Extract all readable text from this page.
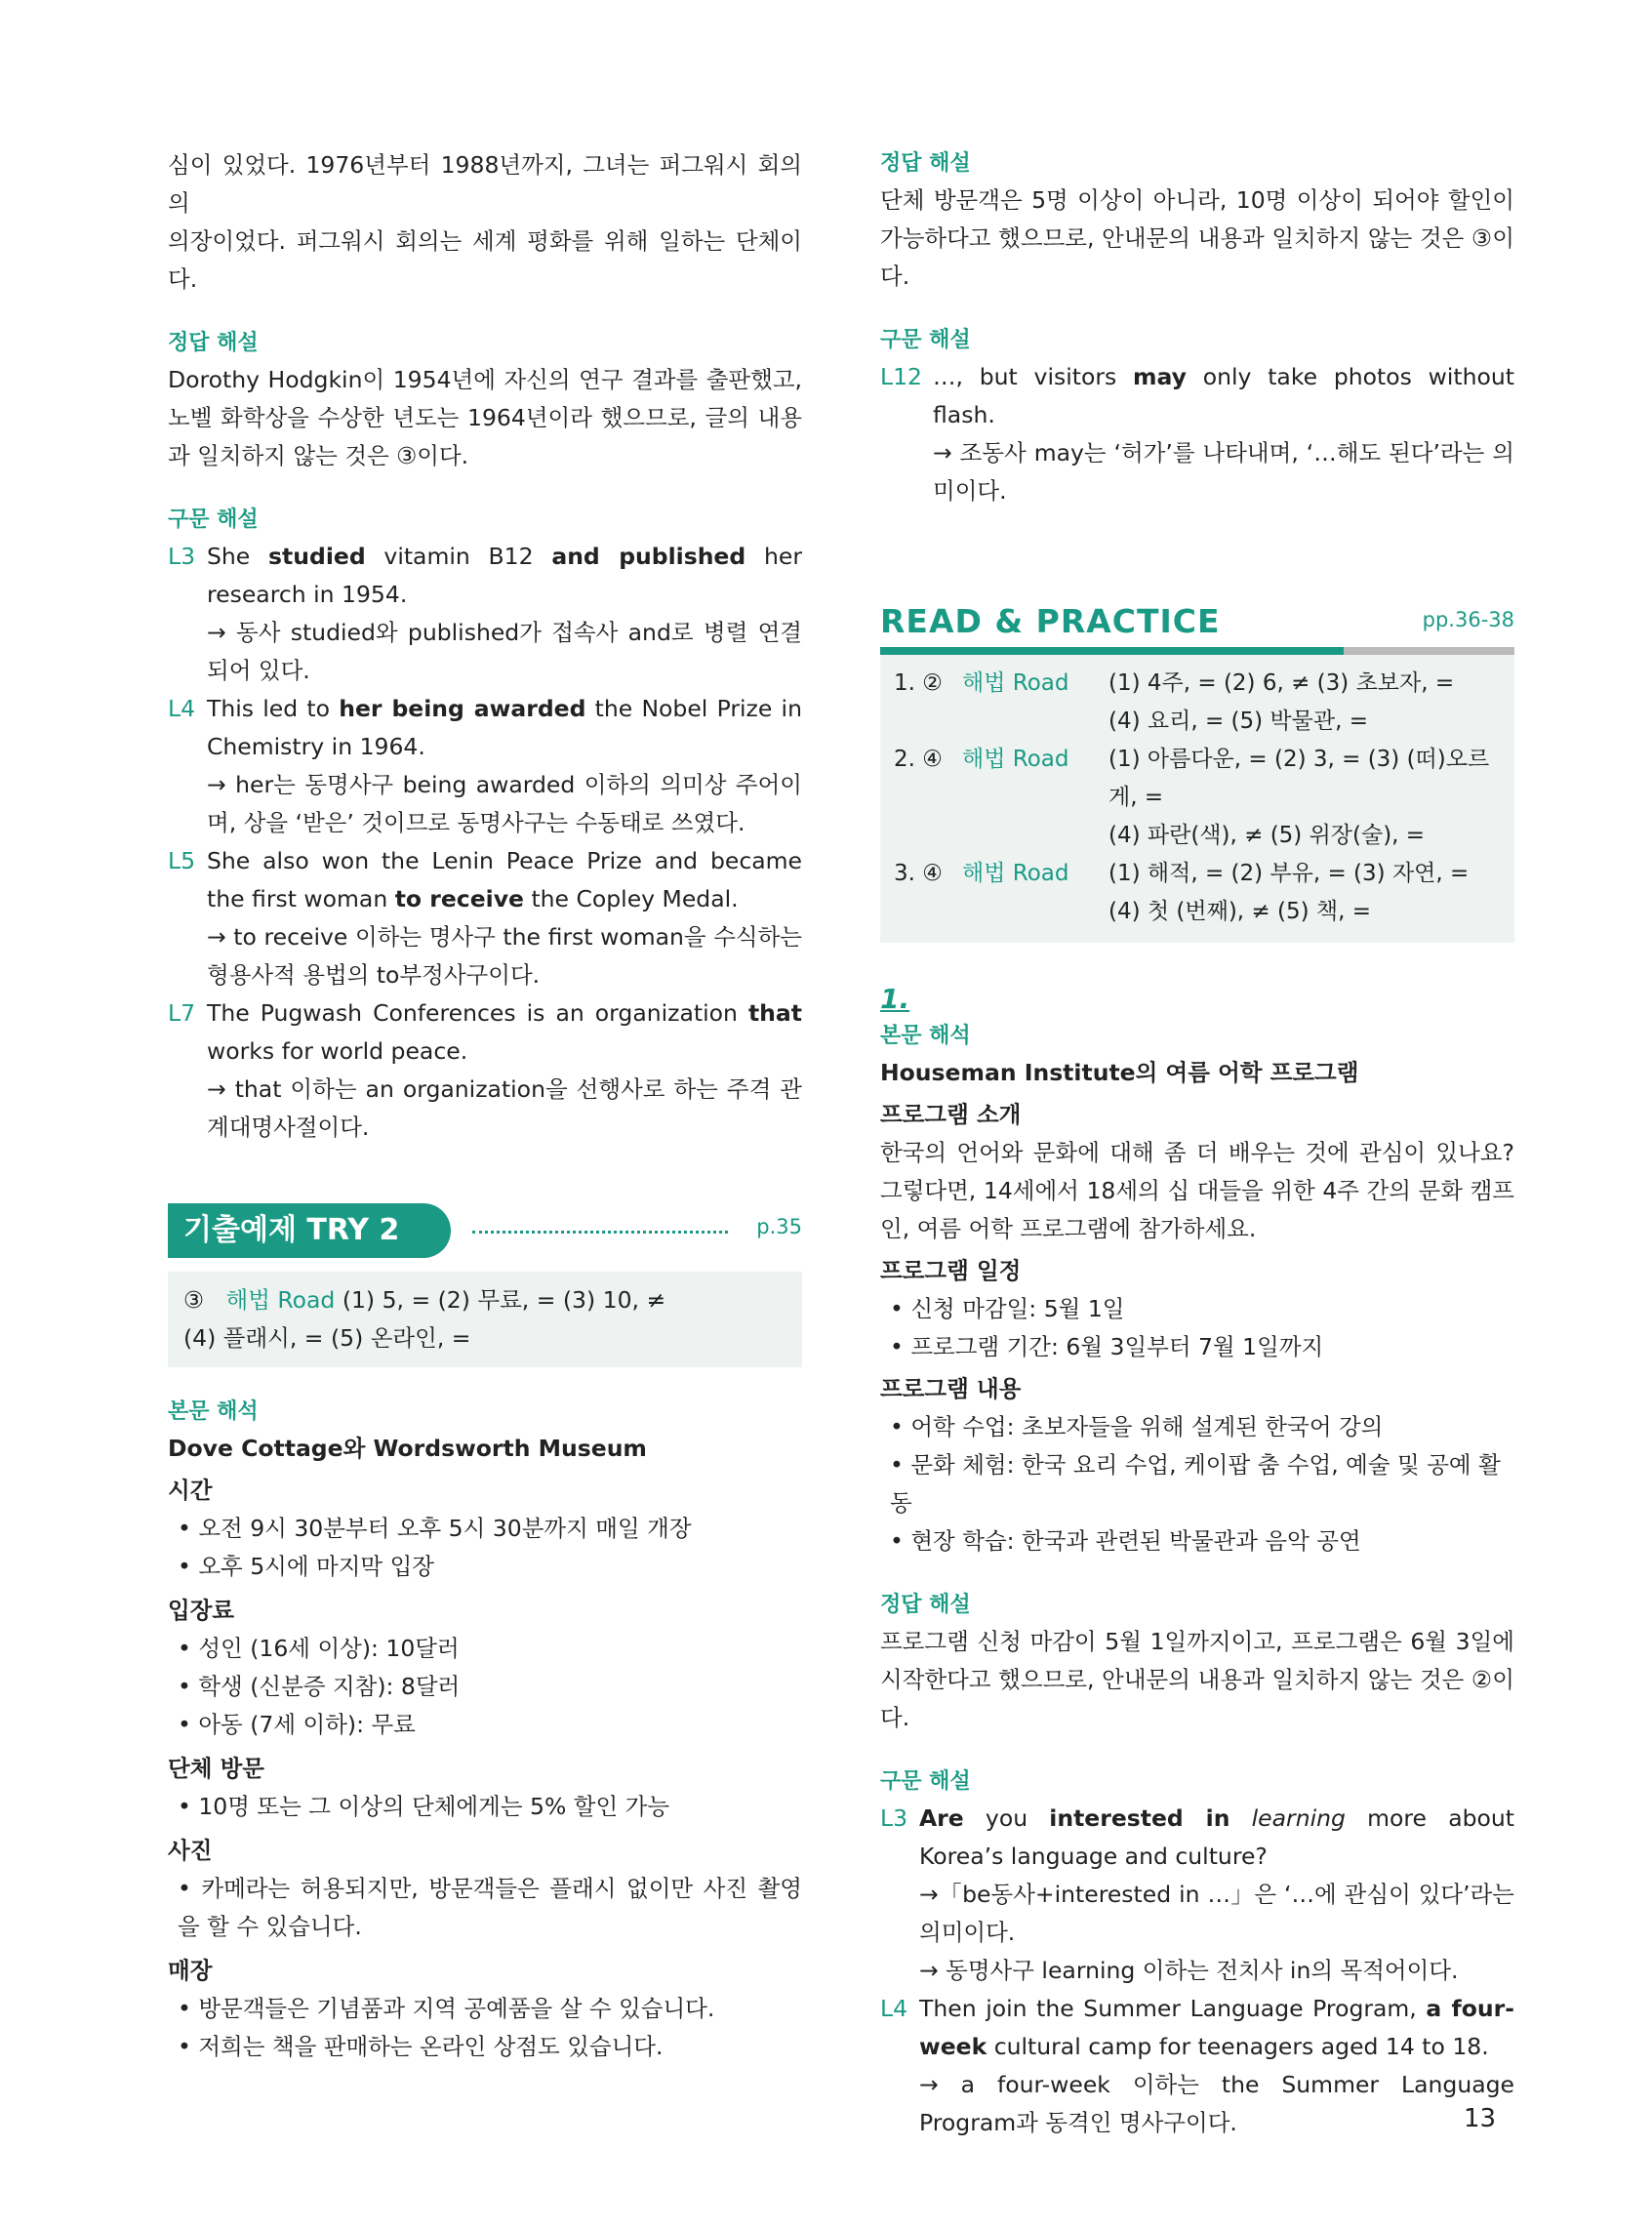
심이 있었다. 1976년부터 1988년까지, 그녀는 퍼그워시 회의의

의장이었다. 퍼그워시 회의는 세계 평화를 위해 일하는 단체이다.

정답 해설

Dorothy Hodgkin이 1954년에 자신의 연구 결과를 출판했고, 노벨 화학상을 수상한 년도는 1964년이라 했으므로, 글의 내용과 일치하지 않는 것은 ③이다.

구문 해설

L3 She studied vitamin B12 and published her research in 1954.

→ 동사 studied와 published가 접속사 and로 병렬 연결되어 있다.

L4 This led to her being awarded the Nobel Prize in Chemistry in 1964.

→ her는 동명사구 being awarded 이하의 의미상 주어이며, 상을 ‘받은’ 것이므로 동명사구는 수동태로 쓰였다.

L5 She also won the Lenin Peace Prize and became the first woman to receive the Copley Medal.

→ to receive 이하는 명사구 the first woman을 수식하는 형용사적 용법의 to부정사구이다.

L7 The Pugwash Conferences is an organization that works for world peace.

→ that 이하는 an organization을 선행사로 하는 주격 관계대명사절이다.

기출예제 TRY 2	p.35

③ 해법 Road (1) 5, = (2) 무료, = (3) 10, ≠

(4) 플래시, = (5) 온라인, =

본문 해석

Dove Cottage와 Wordsworth Museum

시간

• 오전 9시 30분부터 오후 5시 30분까지 매일 개장

• 오후 5시에 마지막 입장

입장료

• 성인 (16세 이상): 10달러

• 학생 (신분증 지참): 8달러

• 아동 (7세 이하): 무료

단체 방문

• 10명 또는 그 이상의 단체에게는 5% 할인 가능

사진

• 카메라는 허용되지만, 방문객들은 플래시 없이만 사진 촬영을 할 수 있습니다.

매장

• 방문객들은 기념품과 지역 공예품을 살 수 있습니다.

• 저희는 책을 판매하는 온라인 상점도 있습니다.

정답 해설

단체 방문객은 5명 이상이 아니라, 10명 이상이 되어야 할인이 가능하다고 했으므로, 안내문의 내용과 일치하지 않는 것은 ③이다.

구문 해설

L12 …, but visitors may only take photos without flash.

→ 조동사 may는 ‘허가’를 나타내며, ‘…해도 된다’라는 의미이다.

READ & PRACTICE	pp.36-38

1. ② 해법 Road (1) 4주, = (2) 6, ≠ (3) 초보자, =
(4) 요리, = (5) 박물관, =

2. ④ 해법 Road (1) 아름다운, = (2) 3, = (3) (떠)오르게, =
(4) 파란(색), ≠ (5) 위장(술), =

3. ④ 해법 Road (1) 해적, = (2) 부유, = (3) 자연, =
(4) 첫 (번째), ≠ (5) 책, =

1.

본문 해석

Houseman Institute의 여름 어학 프로그램

프로그램 소개

한국의 언어와 문화에 대해 좀 더 배우는 것에 관심이 있나요? 그렇다면, 14세에서 18세의 십 대들을 위한 4주 간의 문화 캠프인, 여름 어학 프로그램에 참가하세요.

프로그램 일정

• 신청 마감일: 5월 1일

• 프로그램 기간: 6월 3일부터 7월 1일까지

프로그램 내용

• 어학 수업: 초보자들을 위해 설계된 한국어 강의

• 문화 체험: 한국 요리 수업, 케이팝 춤 수업, 예술 및 공예 활동

• 현장 학습: 한국과 관련된 박물관과 음악 공연

정답 해설

프로그램 신청 마감이 5월 1일까지이고, 프로그램은 6월 3일에 시작한다고 했으므로, 안내문의 내용과 일치하지 않는 것은 ②이다.

구문 해설

L3 Are you interested in learning more about Korea’s language and culture?

→「be동사+interested in …」은 ‘…에 관심이 있다’라는 의미이다.

→ 동명사구 learning 이하는 전치사 in의 목적어이다.

L4 Then join the Summer Language Program, a four-week cultural camp for teenagers aged 14 to 18.

→ a four-week 이하는 the Summer Language Program과 동격인 명사구이다.	13
